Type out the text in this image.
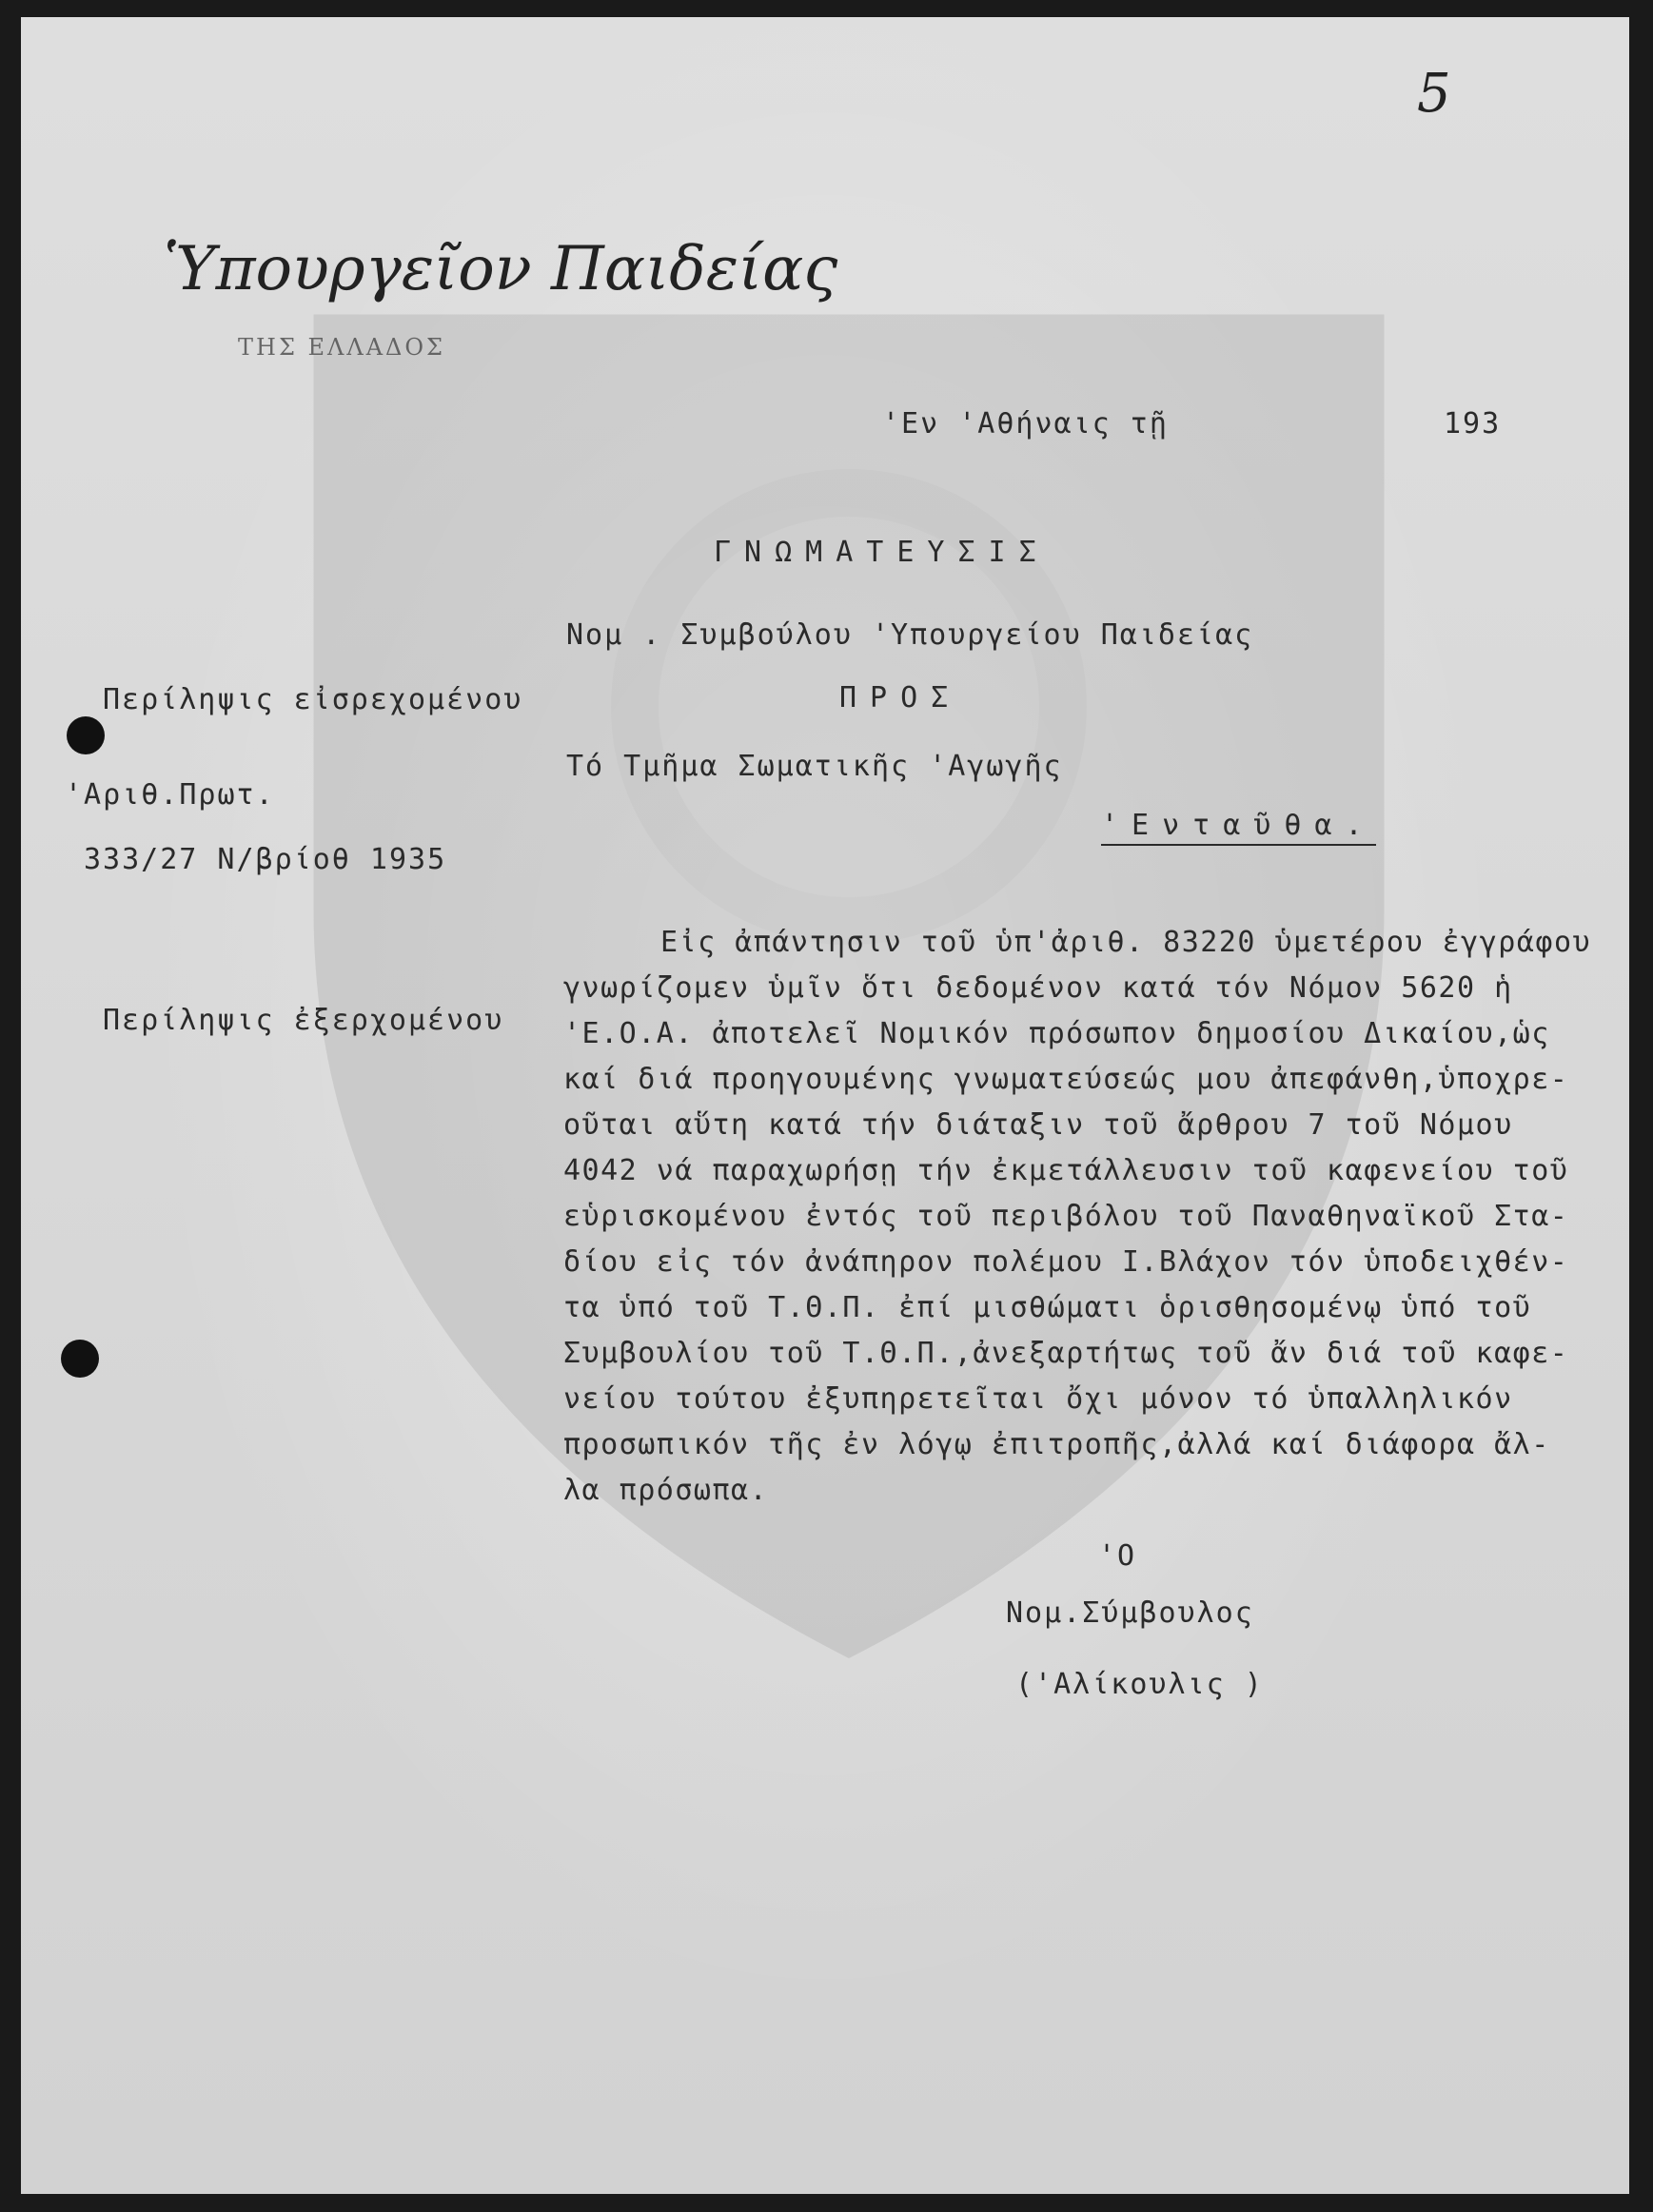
5
Ὑπουργεῖον Παιδείας
ΤΗΣ ΕΛΛΑΔΟΣ
'Εν 'Αθήναις τῇ	193
ΓΝΩΜΑΤΕΥΣΙΣ
Νομ . Συμβούλου 'Υπουργείου Παιδείας
ΠΡΟΣ
Τό Τμῆμα Σωματικῆς 'Αγωγῆς
'Ενταῦθα.
Περίληψις εἰσρεχομένου
'Αριθ.Πρωτ.
333/27 Ν/βρίοθ 1935
Περίληψις ἐξερχομένου
Εἰς ἀπάντησιν τοῦ ὑπ'ἀριθ. 83220 ὑμετέρου ἐγγράφου
γνωρίζομεν ὑμῖν ὅτι δεδομένον κατά τόν Νόμον 5620 ἡ
'Ε.Ο.Α. ἀποτελεῖ Νομικόν πρόσωπον δημοσίου Δικαίου,ὡς
καί διά προηγουμένης γνωματεύσεώς μου ἀπεφάνθη,ὑποχρε-
οῦται αὕτη κατά τήν διάταξιν τοῦ ἄρθρου 7 τοῦ Νόμου
4042 νά παραχωρήσῃ τήν ἐκμετάλλευσιν τοῦ καφενείου τοῦ
εὑρισκομένου ἐντός τοῦ περιβόλου τοῦ Παναθηναϊκοῦ Στα-
δίου εἰς τόν ἀνάπηρον πολέμου Ι.Βλάχον τόν ὑποδειχθέν-
τα ὑπό τοῦ Τ.Θ.Π. ἐπί μισθώματι ὁρισθησομένῳ ὑπό τοῦ
Συμβουλίου τοῦ Τ.Θ.Π.,ἀνεξαρτήτως τοῦ ἄν διά τοῦ καφε-
νείου τούτου ἐξυπηρετεῖται ὄχι μόνον τό ὑπαλληλικόν
προσωπικόν τῆς ἐν λόγῳ ἐπιτροπῆς,ἀλλά καί διάφορα ἄλ-
λα πρόσωπα.
'Ο
Νομ.Σύμβουλος
('Αλίκουλις )
